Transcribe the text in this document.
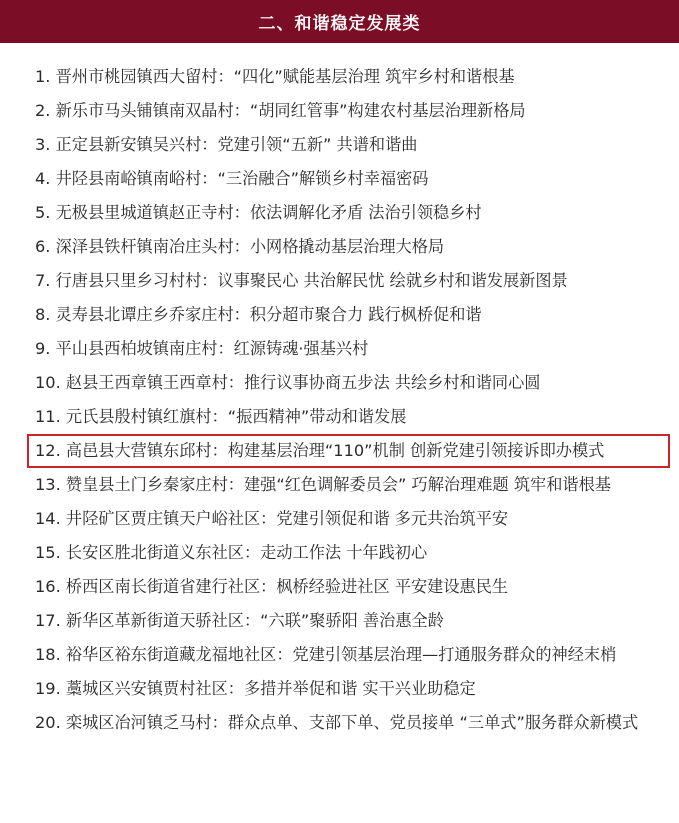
二、和谐稳定发展类
1. 晋州市桃园镇西大留村：“四化”赋能基层治理 筑牢乡村和谐根基
2. 新乐市马头铺镇南双晶村：“胡同红管事”构建农村基层治理新格局
3. 正定县新安镇吴兴村：党建引领“五新” 共谱和谐曲
4. 井陉县南峪镇南峪村：“三治融合”解锁乡村幸福密码
5. 无极县里城道镇赵正寺村：依法调解化矛盾 法治引领稳乡村
6. 深泽县铁杆镇南冶庄头村：小网格撬动基层治理大格局
7. 行唐县只里乡习村村：议事聚民心 共治解民忧 绘就乡村和谐发展新图景
8. 灵寿县北谭庄乡乔家庄村：积分超市聚合力 践行枫桥促和谐
9. 平山县西柏坡镇南庄村：红源铸魂·强基兴村
10. 赵县王西章镇王西章村：推行议事协商五步法 共绘乡村和谐同心圆
11. 元氏县殷村镇红旗村：“振西精神”带动和谐发展
12. 高邑县大营镇东邱村：构建基层治理“110”机制 创新党建引领接诉即办模式
13. 赞皇县土门乡秦家庄村：建强“红色调解委员会” 巧解治理难题 筑牢和谐根基
14. 井陉矿区贾庄镇天户峪社区：党建引领促和谐 多元共治筑平安
15. 长安区胜北街道义东社区：走动工作法 十年践初心
16. 桥西区南长街道省建行社区：枫桥经验进社区 平安建设惠民生
17. 新华区革新街道天骄社区：“六联”聚骄阳 善治惠全龄
18. 裕华区裕东街道藏龙福地社区：党建引领基层治理—打通服务群众的神经末梢
19. 藁城区兴安镇贾村社区：多措并举促和谐 实干兴业助稳定
20. 栾城区冶河镇乏马村：群众点单、支部下单、党员接单 “三单式”服务群众新模式
